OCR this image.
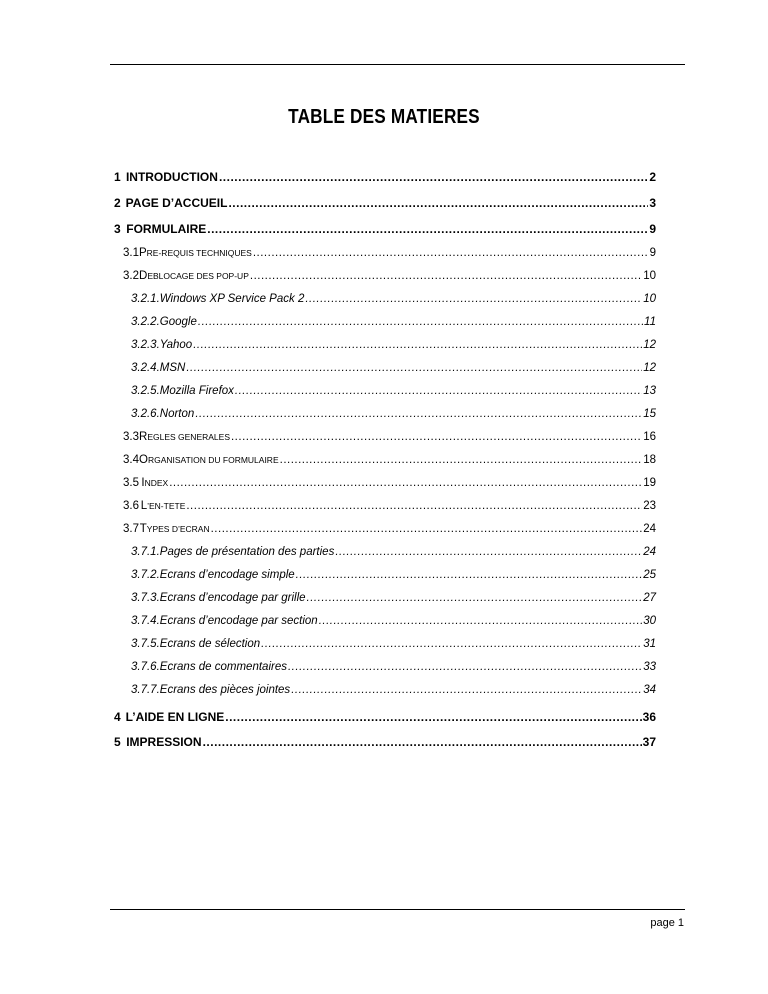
TABLE DES MATIERES
1 INTRODUCTION .....	2
2 PAGE D’ACCUEIL .....	3
3 FORMULAIRE .....	9
3.1 PRE-REQUIS TECHNIQUES .....	9
3.2 DEBLOCAGE DES POP-UP .....	10
3.2.1. Windows XP Service Pack 2 .....	10
3.2.2. Google .....	11
3.2.3. Yahoo .....	12
3.2.4. MSN .....	12
3.2.5. Mozilla Firefox .....	13
3.2.6. Norton .....	15
3.3 REGLES GENERALES .....	16
3.4 ORGANISATION DU FORMULAIRE .....	18
3.5 INDEX .....	19
3.6 L’EN-TETE .....	23
3.7 TYPES D’ECRAN .....	24
3.7.1. Pages de présentation des parties .....	24
3.7.2. Ecrans d’encodage simple .....	25
3.7.3. Ecrans d’encodage par grille .....	27
3.7.4. Ecrans d’encodage par section .....	30
3.7.5. Ecrans de sélection .....	31
3.7.6. Ecrans de commentaires .....	33
3.7.7. Ecrans des pièces jointes .....	34
4 L’AIDE EN LIGNE .....	36
5 IMPRESSION .....	37
page 1
